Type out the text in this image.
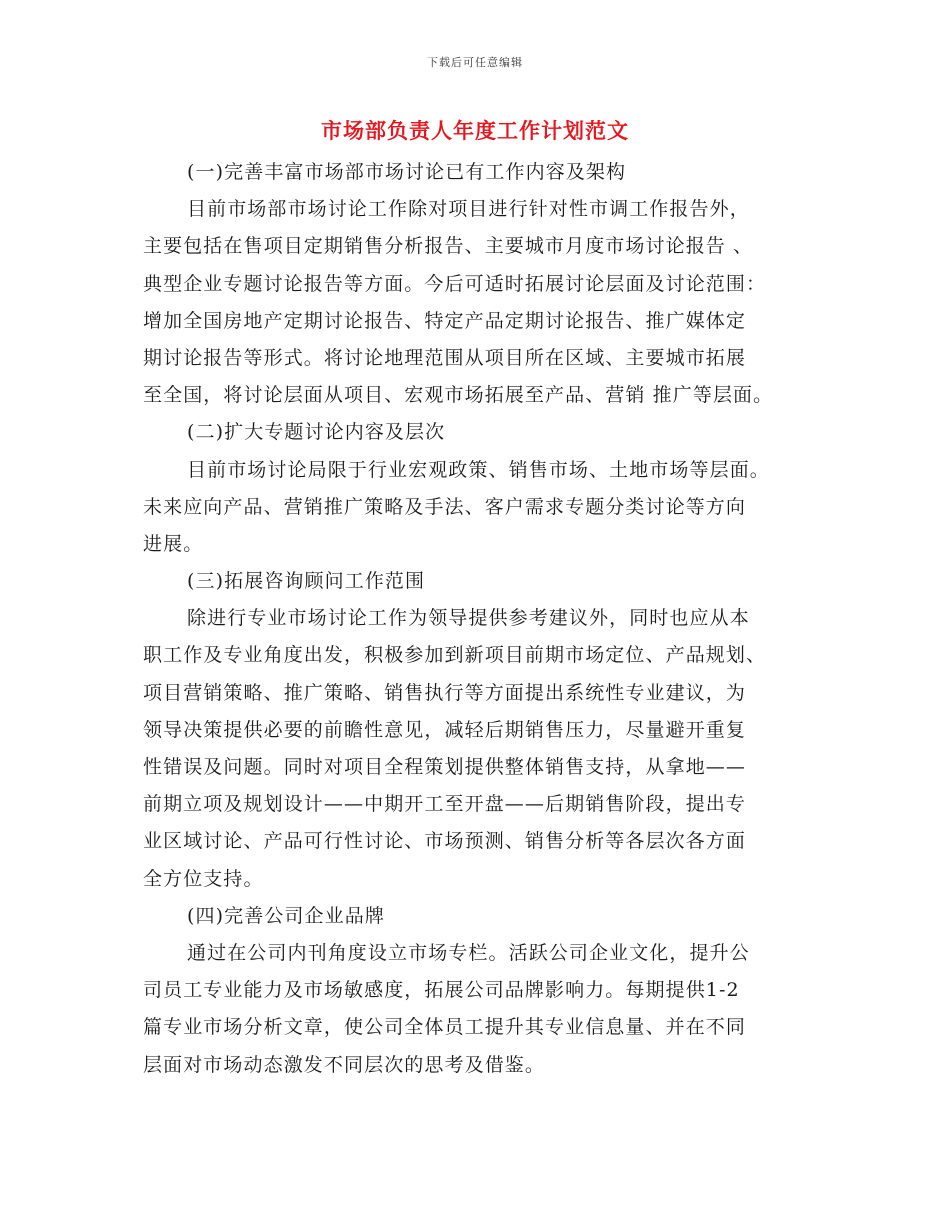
下载后可任意编辑
市场部负责人年度工作计划范文
(一)完善丰富市场部市场讨论已有工作内容及架构
目前市场部市场讨论工作除对项目进行针对性市调工作报告外，
主要包括在售项目定期销售分析报告、主要城市月度市场讨论报告 、
典型企业专题讨论报告等方面。今后可适时拓展讨论层面及讨论范围：
增加全国房地产定期讨论报告、特定产品定期讨论报告、推广媒体定
期讨论报告等形式。将讨论地理范围从项目所在区域、主要城市拓展
至全国，将讨论层面从项目、宏观市场拓展至产品、营销 推广等层面。
(二)扩大专题讨论内容及层次
目前市场讨论局限于行业宏观政策、销售市场、土地市场等层面。
未来应向产品、营销推广策略及手法、客户需求专题分类讨论等方向
进展。
(三)拓展咨询顾问工作范围
除进行专业市场讨论工作为领导提供参考建议外，同时也应从本
职工作及专业角度出发，积极参加到新项目前期市场定位、产品规划、
项目营销策略、推广策略、销售执行等方面提出系统性专业建议，为
领导决策提供必要的前瞻性意见，减轻后期销售压力，尽量避开重复
性错误及问题。同时对项目全程策划提供整体销售支持，从拿地——
前期立项及规划设计——中期开工至开盘——后期销售阶段，提出专
业区域讨论、产品可行性讨论、市场预测、销售分析等各层次各方面
全方位支持。
(四)完善公司企业品牌
通过在公司内刊角度设立市场专栏。活跃公司企业文化，提升公
司员工专业能力及市场敏感度，拓展公司品牌影响力。每期提供1-2
篇专业市场分析文章，使公司全体员工提升其专业信息量、并在不同
层面对市场动态激发不同层次的思考及借鉴。
